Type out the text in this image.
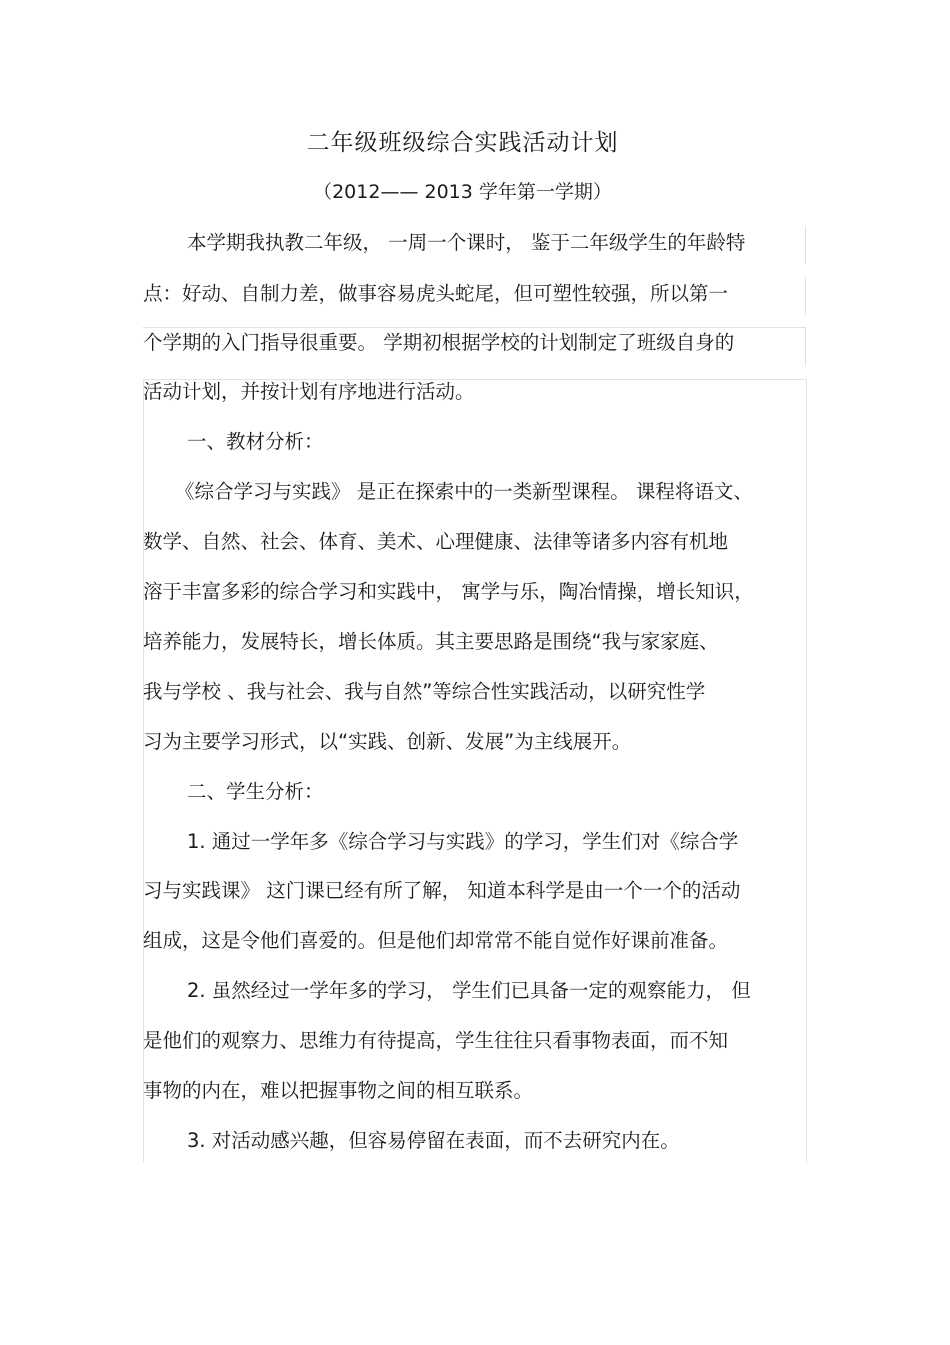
二年级班级综合实践活动计划
（2012—— 2013 学年第一学期）
本学期我执教二年级， 一周一个课时， 鉴于二年级学生的年龄特
点：好动、自制力差，做事容易虎头蛇尾，但可塑性较强，所以第一
个学期的入门指导很重要。 学期初根据学校的计划制定了班级自身的
活动计划，并按计划有序地进行活动。
一、教材分析：
《综合学习与实践》 是正在探索中的一类新型课程。 课程将语文、
数学、自然、社会、体育、美术、心理健康、法律等诸多内容有机地
溶于丰富多彩的综合学习和实践中， 寓学与乐，陶冶情操，增长知识，
培养能力，发展特长，增长体质。其主要思路是围绕“我与家家庭、
我与学校 、我与社会、我与自然”等综合性实践活动，以研究性学
习为主要学习形式，以“实践、创新、发展”为主线展开。
二、学生分析：
1. 通过一学年多《综合学习与实践》的学习，学生们对《综合学
习与实践课》 这门课已经有所了解， 知道本科学是由一个一个的活动
组成，这是令他们喜爱的。但是他们却常常不能自觉作好课前准备。
2. 虽然经过一学年多的学习， 学生们已具备一定的观察能力， 但
是他们的观察力、思维力有待提高，学生往往只看事物表面，而不知
事物的内在，难以把握事物之间的相互联系。
3. 对活动感兴趣，但容易停留在表面，而不去研究内在。
